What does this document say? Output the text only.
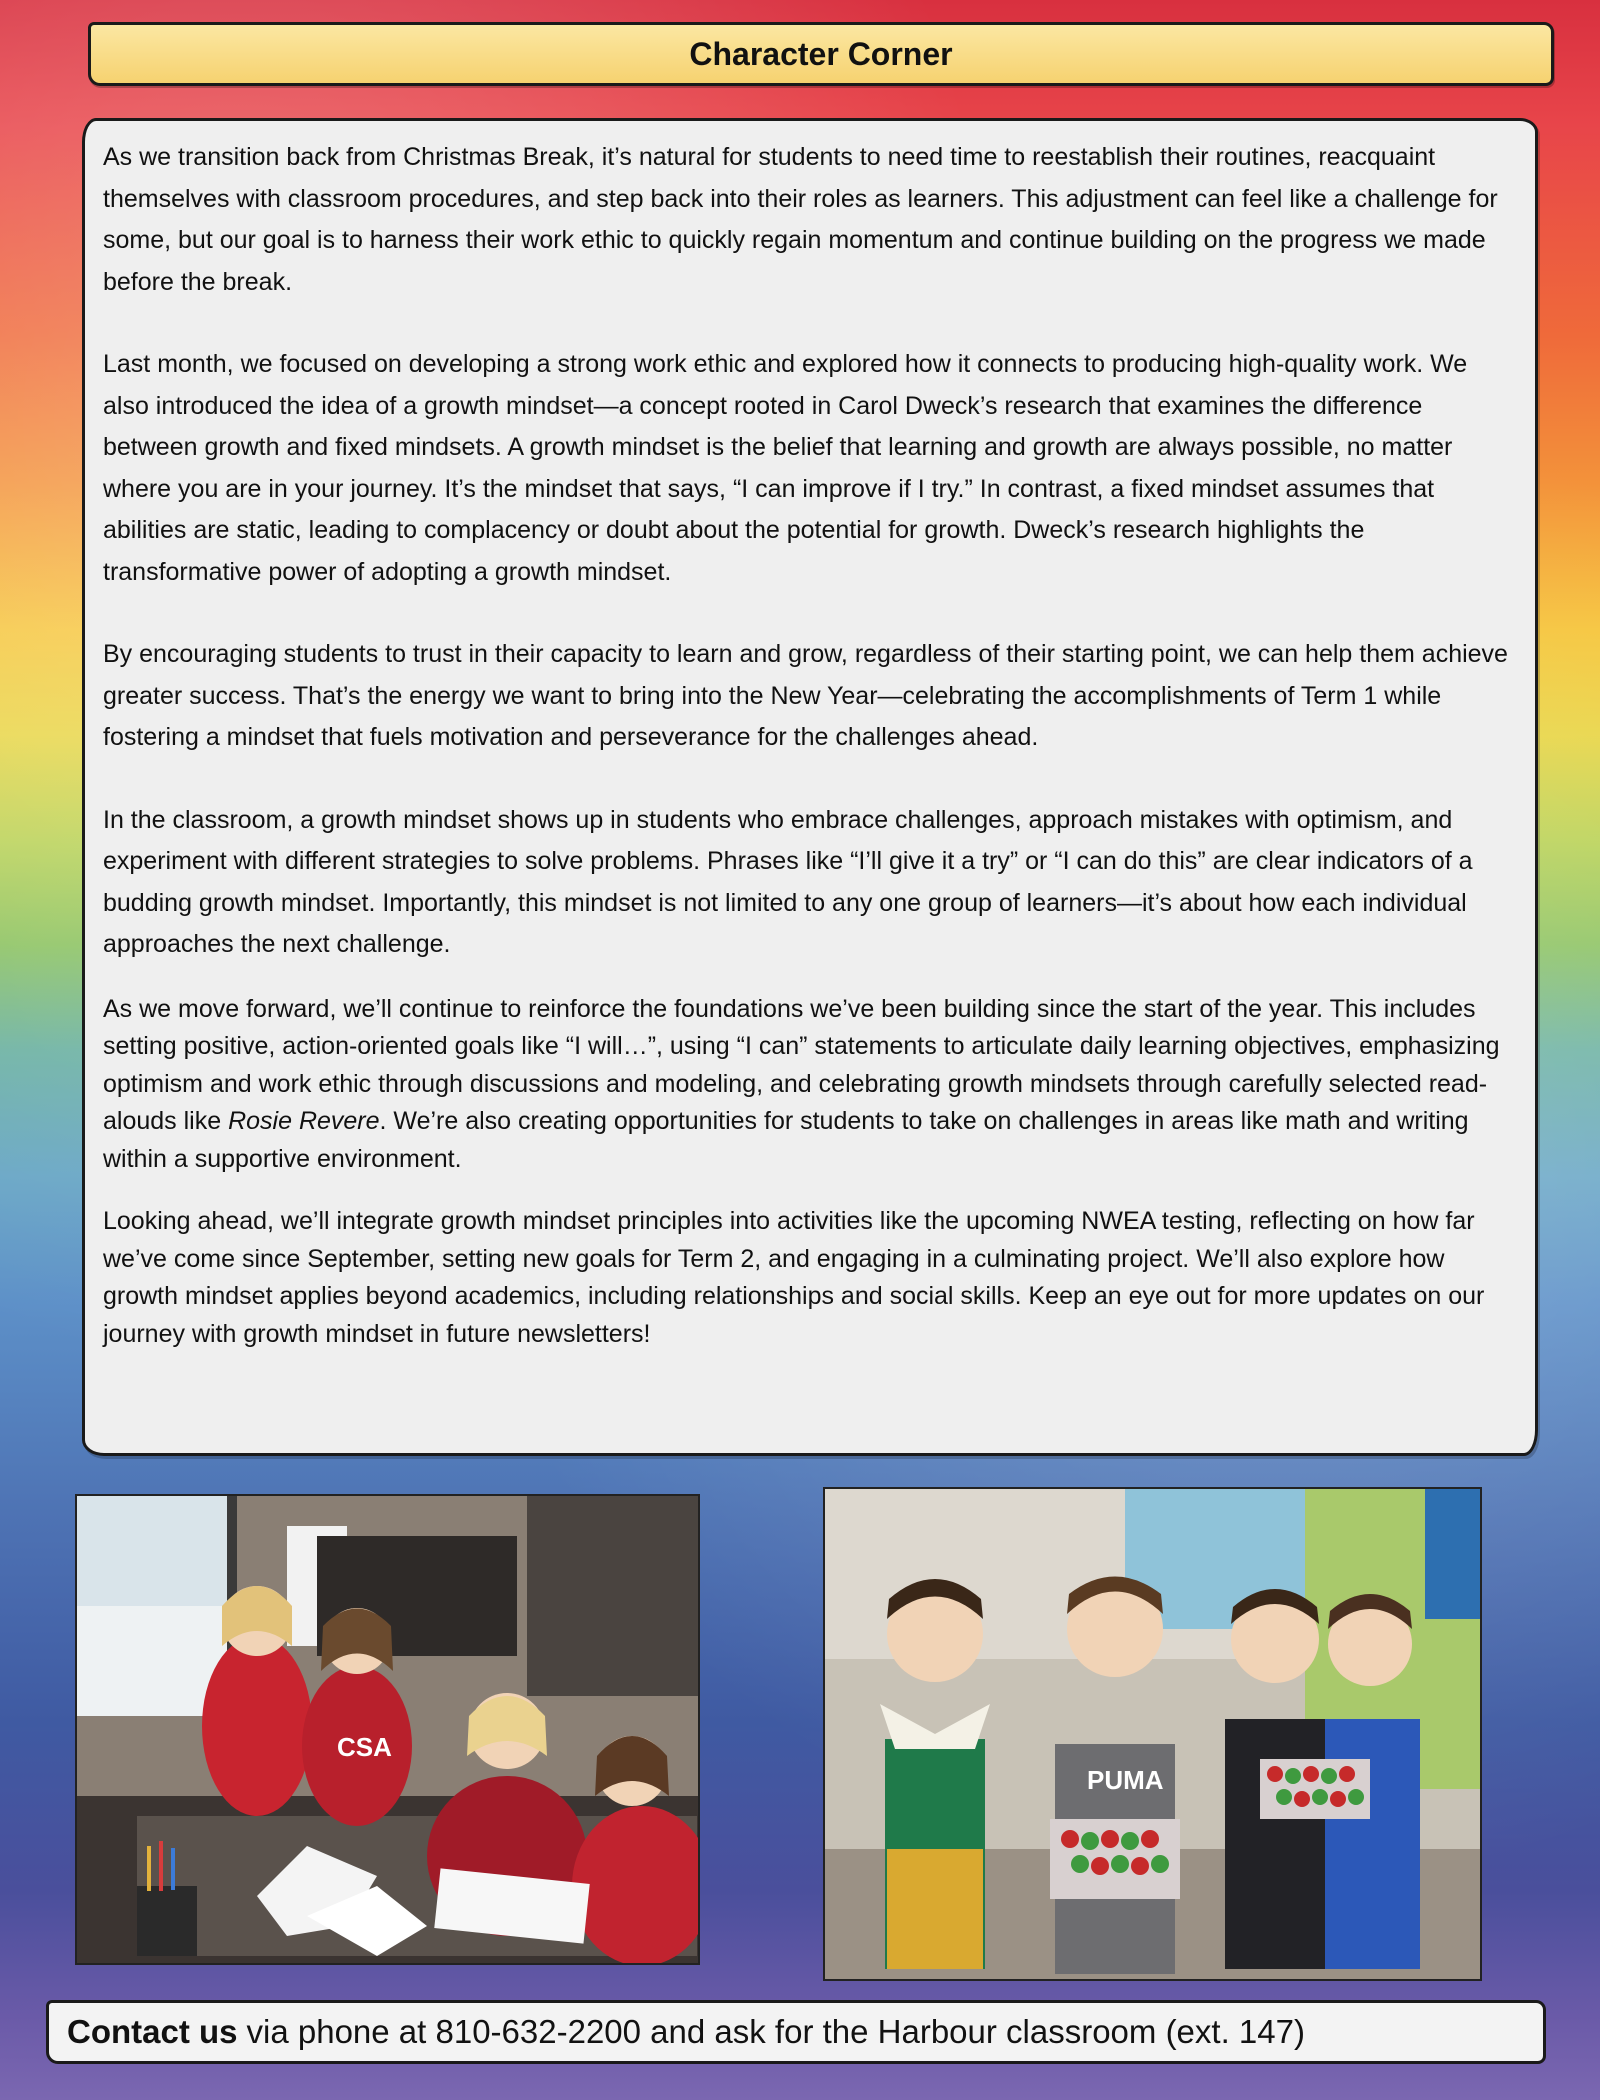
Character Corner

As we transition back from Christmas Break, it’s natural for students to need time to reestablish their routines, reacquaint themselves with classroom procedures, and step back into their roles as learners. This adjustment can feel like a challenge for some, but our goal is to harness their work ethic to quickly regain momentum and continue building on the progress we made before the break.

Last month, we focused on developing a strong work ethic and explored how it connects to producing high-quality work. We also introduced the idea of a growth mindset—a concept rooted in Carol Dweck’s research that examines the difference between growth and fixed mindsets. A growth mindset is the belief that learning and growth are always possible, no matter where you are in your journey. It’s the mindset that says, “I can improve if I try.” In contrast, a fixed mindset assumes that abilities are static, leading to complacency or doubt about the potential for growth. Dweck’s research highlights the transformative power of adopting a growth mindset.

By encouraging students to trust in their capacity to learn and grow, regardless of their starting point, we can help them achieve greater success. That’s the energy we want to bring into the New Year—celebrating the accomplishments of Term 1 while fostering a mindset that fuels motivation and perseverance for the challenges ahead.

In the classroom, a growth mindset shows up in students who embrace challenges, approach mistakes with optimism, and experiment with different strategies to solve problems. Phrases like “I’ll give it a try” or “I can do this” are clear indicators of a budding growth mindset. Importantly, this mindset is not limited to any one group of learners—it’s about how each individual approaches the next challenge.

As we move forward, we’ll continue to reinforce the foundations we’ve been building since the start of the year. This includes setting positive, action-oriented goals like “I will…”, using “I can” statements to articulate daily learning objectives, emphasizing optimism and work ethic through discussions and modeling, and celebrating growth mindsets through carefully selected read-alouds like Rosie Revere. We’re also creating opportunities for students to take on challenges in areas like math and writing within a supportive environment.

Looking ahead, we’ll integrate growth mindset principles into activities like the upcoming NWEA testing, reflecting on how far we’ve come since September, setting new goals for Term 2, and engaging in a culminating project. We’ll also explore how growth mindset applies beyond academics, including relationships and social skills. Keep an eye out for more updates on our journey with growth mindset in future newsletters!

CSA
PUMA
Contact us via phone at 810-632-2200 and ask for the Harbour classroom (ext. 147)
